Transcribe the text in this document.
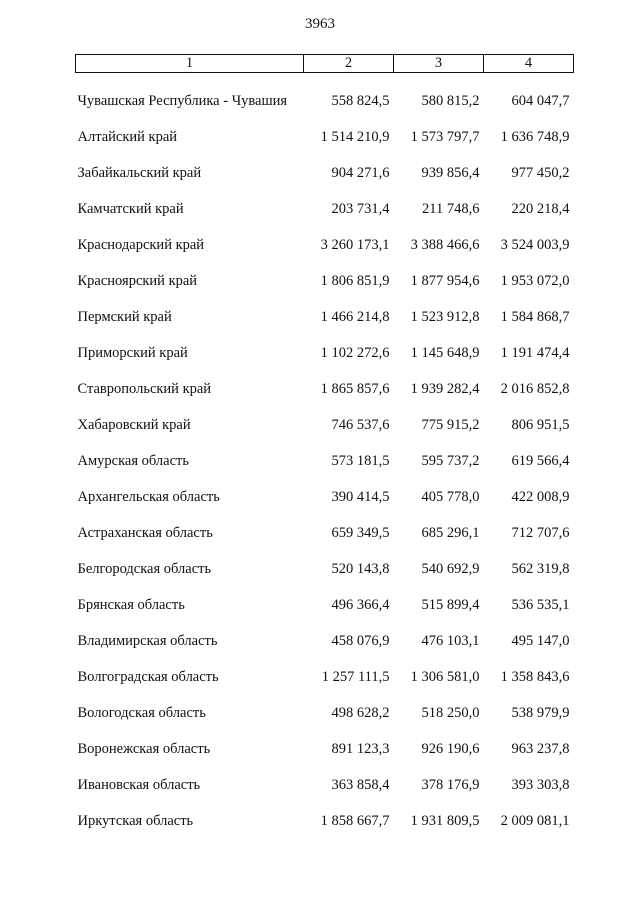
3963
1	2	3	4
Чувашская Республика - Чувашия	558 824,5	580 815,2	604 047,7
Алтайский край	1 514 210,9	1 573 797,7	1 636 748,9
Забайкальский край	904 271,6	939 856,4	977 450,2
Камчатский край	203 731,4	211 748,6	220 218,4
Краснодарский край	3 260 173,1	3 388 466,6	3 524 003,9
Красноярский край	1 806 851,9	1 877 954,6	1 953 072,0
Пермский край	1 466 214,8	1 523 912,8	1 584 868,7
Приморский край	1 102 272,6	1 145 648,9	1 191 474,4
Ставропольский край	1 865 857,6	1 939 282,4	2 016 852,8
Хабаровский край	746 537,6	775 915,2	806 951,5
Амурская область	573 181,5	595 737,2	619 566,4
Архангельская область	390 414,5	405 778,0	422 008,9
Астраханская область	659 349,5	685 296,1	712 707,6
Белгородская область	520 143,8	540 692,9	562 319,8
Брянская область	496 366,4	515 899,4	536 535,1
Владимирская область	458 076,9	476 103,1	495 147,0
Волгоградская область	1 257 111,5	1 306 581,0	1 358 843,6
Вологодская область	498 628,2	518 250,0	538 979,9
Воронежская область	891 123,3	926 190,6	963 237,8
Ивановская область	363 858,4	378 176,9	393 303,8
Иркутская область	1 858 667,7	1 931 809,5	2 009 081,1
